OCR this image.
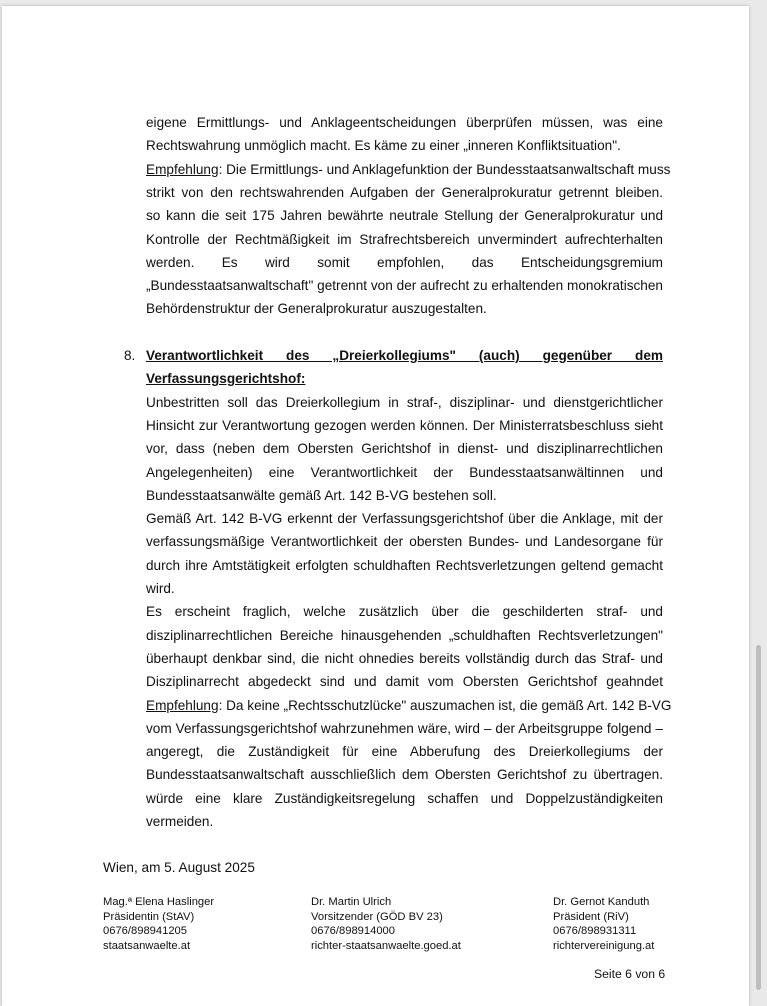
eigene Ermittlungs- und Anklageentscheidungen überprüfen müssen, was eine
Rechtswahrung unmöglich macht. Es käme zu einer „inneren Konfliktsituation".
Empfehlung: Die Ermittlungs- und Anklagefunktion der Bundesstaatsanwaltschaft muss
strikt von den rechtswahrenden Aufgaben der Generalprokuratur getrennt bleiben.
so kann die seit 175 Jahren bewährte neutrale Stellung der Generalprokuratur und
Kontrolle der Rechtmäßigkeit im Strafrechtsbereich unvermindert aufrechterhalten
werden. Es wird somit empfohlen, das Entscheidungsgremium
„Bundesstaatsanwaltschaft" getrennt von der aufrecht zu erhaltenden monokratischen
Behördenstruktur der Generalprokuratur auszugestalten.
8. Verantwortlichkeit des „Dreierkollegiums" (auch) gegenüber dem
Verfassungsgerichtshof:
Unbestritten soll das Dreierkollegium in straf-, disziplinar- und dienstgerichtlicher
Hinsicht zur Verantwortung gezogen werden können. Der Ministerratsbeschluss sieht
vor, dass (neben dem Obersten Gerichtshof in dienst- und disziplinarrechtlichen
Angelegenheiten) eine Verantwortlichkeit der Bundesstaatsanwältinnen und
Bundesstaatsanwälte gemäß Art. 142 B-VG bestehen soll.
Gemäß Art. 142 B-VG erkennt der Verfassungsgerichtshof über die Anklage, mit der
verfassungsmäßige Verantwortlichkeit der obersten Bundes- und Landesorgane für
durch ihre Amtstätigkeit erfolgten schuldhaften Rechtsverletzungen geltend gemacht
wird.
Es erscheint fraglich, welche zusätzlich über die geschilderten straf- und
disziplinarrechtlichen Bereiche hinausgehenden „schuldhaften Rechtsverletzungen"
überhaupt denkbar sind, die nicht ohnedies bereits vollständig durch das Straf- und
Disziplinarrecht abgedeckt sind und damit vom Obersten Gerichtshof geahndet
Empfehlung: Da keine „Rechtsschutzlücke" auszumachen ist, die gemäß Art. 142 B-VG
vom Verfassungsgerichtshof wahrzunehmen wäre, wird – der Arbeitsgruppe folgend –
angeregt, die Zuständigkeit für eine Abberufung des Dreierkollegiums der
Bundesstaatsanwaltschaft ausschließlich dem Obersten Gerichtshof zu übertragen.
würde eine klare Zuständigkeitsregelung schaffen und Doppelzuständigkeiten
vermeiden.
Wien, am 5. August 2025
Mag.ª Elena Haslinger
Präsidentin (StAV)
0676/898941205
staatsanwaelte.at
Dr. Martin Ulrich
Vorsitzender (GÖD BV 23)
0676/898914000
richter-staatsanwaelte.goed.at
Dr. Gernot Kanduth
Präsident (RiV)
0676/898931311
richtervereinigung.at
Seite 6 von 6
